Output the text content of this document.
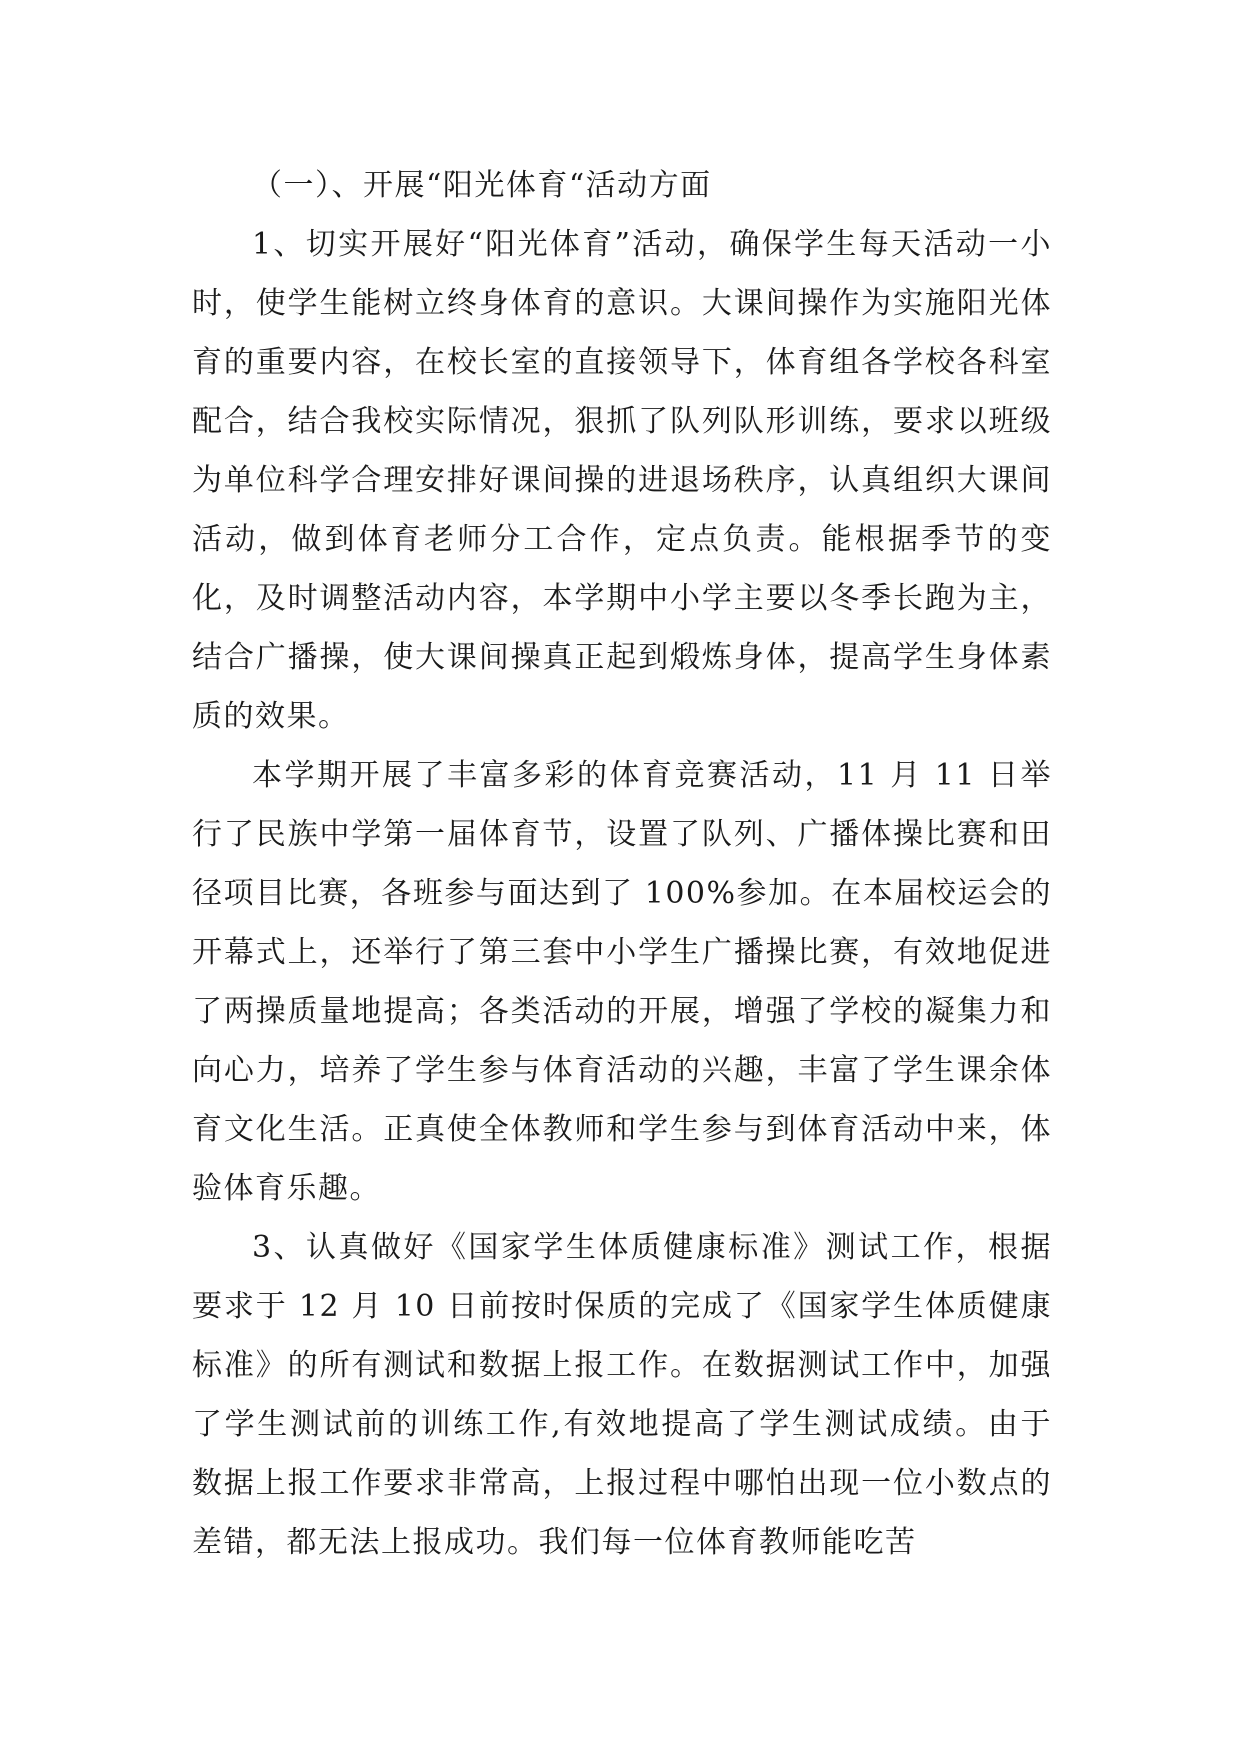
（一）、开展“阳光体育“活动方面

1、切实开展好“阳光体育”活动，确保学生每天活动一小时，使学生能树立终身体育的意识。大课间操作为实施阳光体育的重要内容，在校长室的直接领导下，体育组各学校各科室配合，结合我校实际情况，狠抓了队列队形训练，要求以班级为单位科学合理安排好课间操的进退场秩序，认真组织大课间活动，做到体育老师分工合作，定点负责。能根据季节的变化，及时调整活动内容，本学期中小学主要以冬季长跑为主，结合广播操，使大课间操真正起到煅炼身体，提高学生身体素质的效果。

本学期开展了丰富多彩的体育竞赛活动，11 月 11 日举行了民族中学第一届体育节，设置了队列、广播体操比赛和田径项目比赛，各班参与面达到了 100%参加。在本届校运会的开幕式上，还举行了第三套中小学生广播操比赛，有效地促进了两操质量地提高；各类活动的开展，增强了学校的凝集力和向心力，培养了学生参与体育活动的兴趣，丰富了学生课余体育文化生活。正真使全体教师和学生参与到体育活动中来，体验体育乐趣。

3、认真做好《国家学生体质健康标准》测试工作，根据要求于 12 月 10 日前按时保质的完成了《国家学生体质健康标准》的所有测试和数据上报工作。在数据测试工作中，加强了学生测试前的训练工作,有效地提高了学生测试成绩。由于数据上报工作要求非常高，上报过程中哪怕出现一位小数点的差错，都无法上报成功。我们每一位体育教师能吃苦
